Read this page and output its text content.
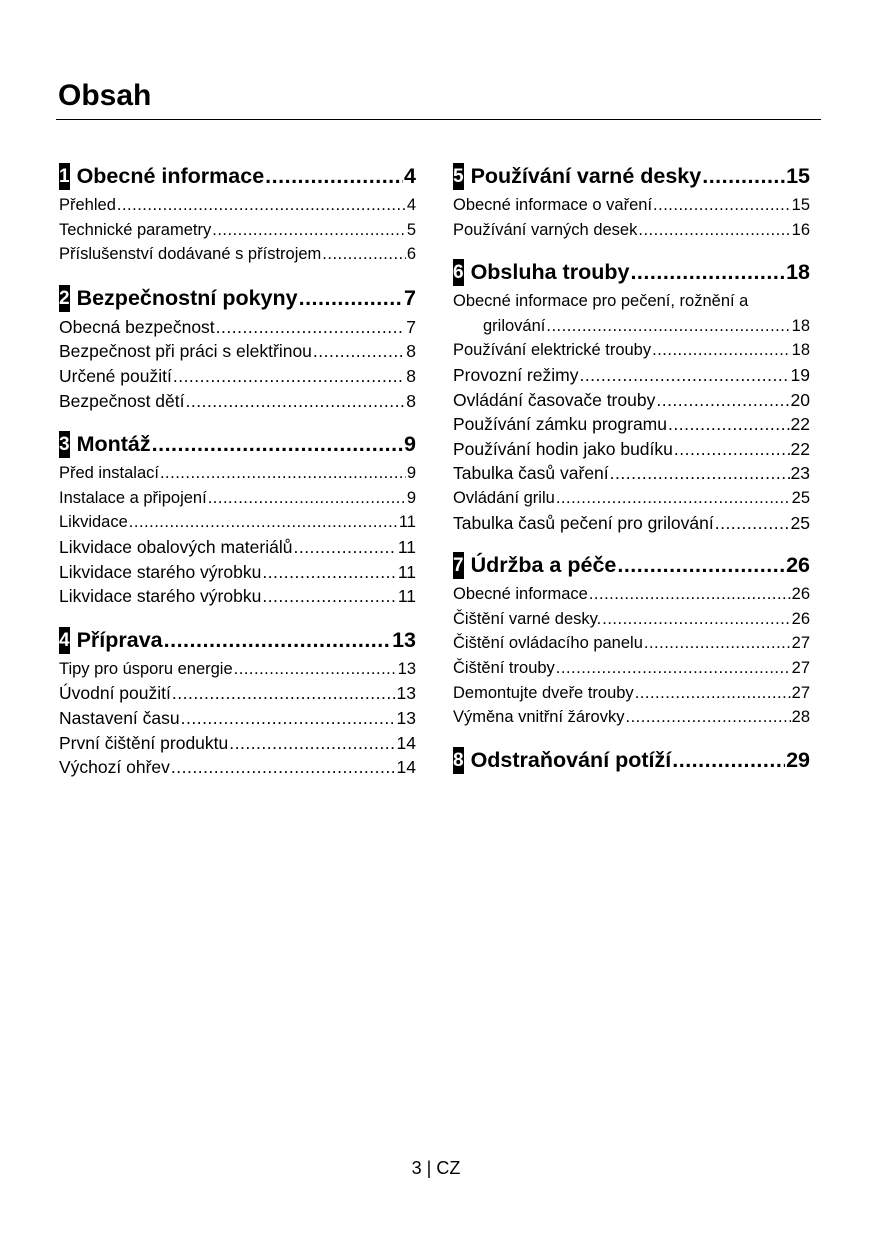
Obsah
1 Obecné informace .....	4
Přehled .....	4
Technické parametry .....	5
Příslušenství dodávané s přístrojem .....	6
2 Bezpečnostní pokyny .....	7
Obecná bezpečnost .....	7
Bezpečnost při práci s elektřinou .....	8
Určené použití .....	8
Bezpečnost dětí .....	8
3 Montáž .....	9
Před instalací .....	9
Instalace a připojení .....	9
Likvidace .....	11
Likvidace obalových materiálů .....	11
Likvidace starého výrobku .....	11
Likvidace starého výrobku .....	11
4 Příprava .....	13
Tipy pro úsporu energie .....	13
Úvodní použití .....	13
Nastavení času .....	13
První čištění produktu .....	14
Výchozí ohřev .....	14
5 Používání varné desky .....	15
Obecné informace o vaření .....	15
Používání varných desek .....	16
6 Obsluha trouby .....	18
Obecné informace pro pečení, rožnění a
grilování .....	18
Používání elektrické trouby .....	18
Provozní režimy .....	19
Ovládání časovače trouby .....	20
Používání zámku programu .....	22
Používání hodin jako budíku .....	22
Tabulka časů vaření .....	23
Ovládání grilu .....	25
Tabulka časů pečení pro grilování .....	25
7 Údržba a péče .....	26
Obecné informace .....	26
Čištění varné desky. .....	26
Čištění ovládacího panelu .....	27
Čištění trouby .....	27
Demontujte dveře trouby .....	27
Výměna vnitřní žárovky .....	28
8 Odstraňování potíží .....	29
3 | CZ
